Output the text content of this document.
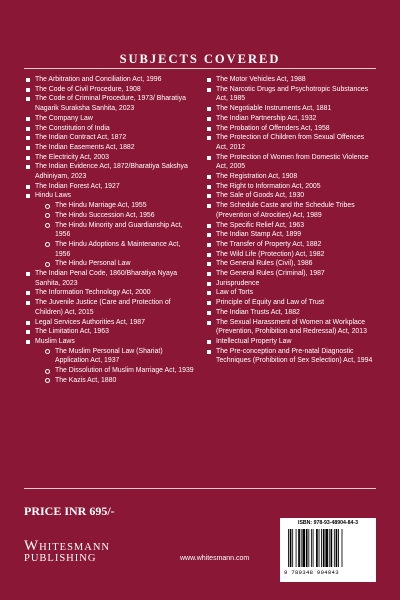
SUBJECTS COVERED
The Arbitration and Conciliation Act, 1996
The Code of Civil Procedure, 1908
The Code of Criminal Procedure, 1973/ Bharatiya Nagarik Suraksha Sanhita, 2023
The Company Law
The Constitution of India
The Indian Contract Act, 1872
The Indian Easements Act, 1882
The Electricity Act, 2003
The Indian Evidence Act, 1872/Bharatiya Sakshya Adhiniyam, 2023
The Indian Forest Act, 1927
Hindu Laws
The Hindu Marriage Act, 1955
The Hindu Succession Act, 1956
The Hindu Minority and Guardianship Act, 1956
The Hindu Adoptions & Maintenance Act, 1956
The Hindu Personal Law
The Indian Penal Code, 1860/Bharatiya Nyaya Sanhita, 2023
The Information Technology Act, 2000
The Juvenile Justice (Care and Protection of Children) Act, 2015
Legal Services Authorities Act, 1987
The Limitation Act, 1963
Muslim Laws
The Muslim Personal Law (Shariat) Application Act, 1937
The Dissolution of Muslim Marriage Act, 1939
The Kazis Act, 1880
The Motor Vehicles Act, 1988
The Narcotic Drugs and Psychotropic Substances Act, 1985
The Negotiable Instruments Act, 1881
The Indian Partnership Act, 1932
The Probation of Offenders Act, 1958
The Protection of Children from Sexual Offences Act, 2012
The Protection of Women from Domestic Violence Act, 2005
The Registration Act, 1908
The Right to Information Act, 2005
The Sale of Goods Act, 1930
The Schedule Caste and the Schedule Tribes (Prevention of Atrocities) Act, 1989
The Specific Relief Act, 1963
The Indian Stamp Act, 1899
The Transfer of Property Act, 1882
The Wild Life (Protection) Act, 1982
The General Rules (Civil), 1986
The General Rules (Criminal), 1987
Jurisprudence
Law of Torts
Principle of Equity and Law of Trust
The Indian Trusts Act, 1882
The Sexual Harassment of Women at Workplace (Prevention, Prohibition and Redressal) Act, 2013
Intellectual Property Law
The Pre-conception and Pre-natal Diagnostic Techniques (Prohibition of Sex Selection) Act, 1994
PRICE INR 695/-
WHITESMANN
PUBLISHING	www.whitesmann.com
ISBN: 978-93-48904-84-3
9 789348 904843
